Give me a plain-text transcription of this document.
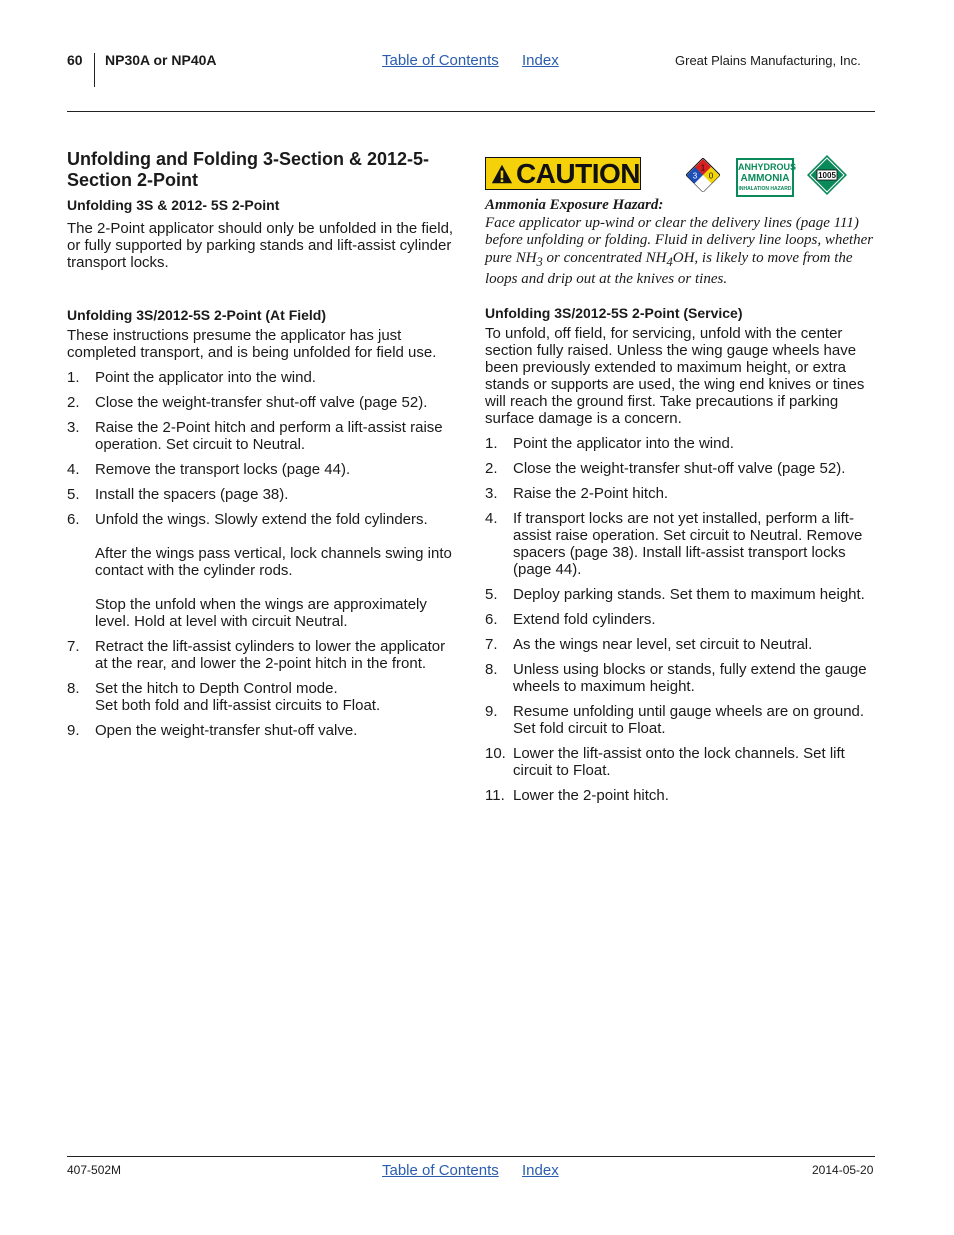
60 NP30A or NP40A	Table of Contents Index	Great Plains Manufacturing, Inc.
Unfolding and Folding 3-Section & 2012-5-Section 2-Point
Unfolding 3S & 2012- 5S 2-Point

The 2-Point applicator should only be unfolded in the field, or fully supported by parking stands and lift-assist cylinder transport locks.

Unfolding 3S/2012-5S 2-Point (At Field)

These instructions presume the applicator has just completed transport, and is being unfolded for field use.

1. Point the applicator into the wind.
2. Close the weight-transfer shut-off valve (page 52).
3. Raise the 2-Point hitch and perform a lift-assist raise operation. Set circuit to Neutral.
4. Remove the transport locks (page 44).
5. Install the spacers (page 38).
6. Unfold the wings. Slowly extend the fold cylinders.
After the wings pass vertical, lock channels swing into contact with the cylinder rods.
Stop the unfold when the wings are approximately level. Hold at level with circuit Neutral.
7. Retract the lift-assist cylinders to lower the applicator at the rear, and lower the 2-point hitch in the front.
8. Set the hitch to Depth Control mode.
Set both fold and lift-assist circuits to Float.
9. Open the weight-transfer shut-off valve.
CAUTION	1
3 0
ANHYDROUS
AMMONIA
INHALATION HAZARD
1005
Ammonia Exposure Hazard:
Face applicator up-wind or clear the delivery lines (page 111) before unfolding or folding. Fluid in delivery line loops, whether pure $NH_3$ or concentrated $NH_4OH$, is likely to move from the loops and drip out at the knives or tines.
Unfolding 3S/2012-5S 2-Point (Service)

To unfold, off field, for servicing, unfold with the center section fully raised. Unless the wing gauge wheels have been previously extended to maximum height, or extra stands or supports are used, the wing end knives or tines will reach the ground first. Take precautions if parking surface damage is a concern.

1. Point the applicator into the wind.
2. Close the weight-transfer shut-off valve (page 52).
3. Raise the 2-Point hitch.
4. If transport locks are not yet installed, perform a lift-assist raise operation. Set circuit to Neutral. Remove spacers (page 38). Install lift-assist transport locks (page 44).
5. Deploy parking stands. Set them to maximum height.
6. Extend fold cylinders.
7. As the wings near level, set circuit to Neutral.
8. Unless using blocks or stands, fully extend the gauge wheels to maximum height.
9. Resume unfolding until gauge wheels are on ground. Set fold circuit to Float.
10. Lower the lift-assist onto the lock channels. Set lift circuit to Float.
11. Lower the 2-point hitch.
407-502M	Table of Contents Index	2014-05-20
